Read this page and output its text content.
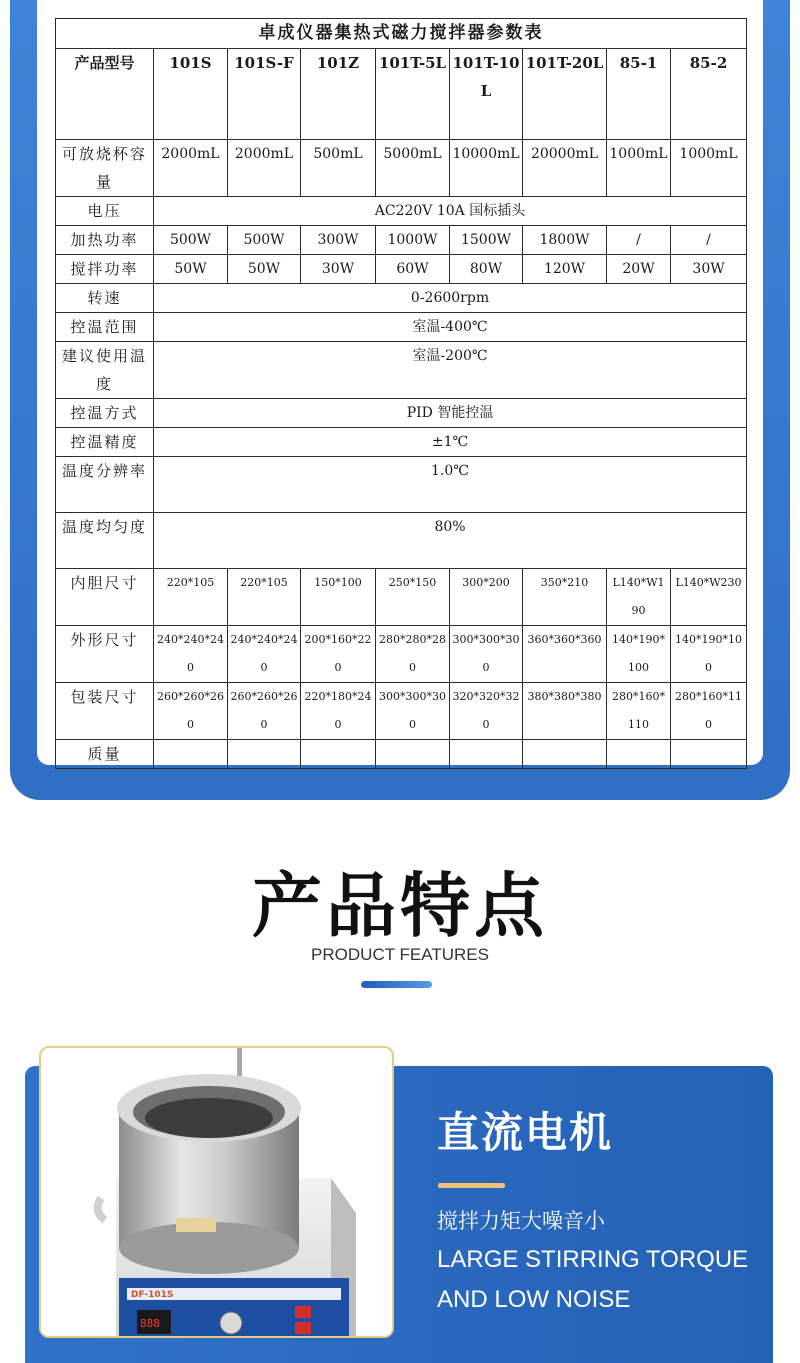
卓成仪器集热式磁力搅拌器参数表								
产品型号	101S	101S-F	101Z	101T-5L	101T-10L	101T-20L	85-1	85-2
可放烧杯容量	2000mL	2000mL	500mL	5000mL	10000mL	20000mL	1000mL	1000mL
电压	AC220V 10A 国标插头							
加热功率	500W	500W	300W	1000W	1500W	1800W	/	/
搅拌功率	50W	50W	30W	60W	80W	120W	20W	30W
转速	0-2600rpm							
控温范围	室温-400℃							
建议使用温度	室温-200℃							
控温方式	PID 智能控温							
控温精度	±1℃							
温度分辨率	1.0℃							
温度均匀度	80%							
内胆尺寸	220*105	220*105	150*100	250*150	300*200	350*210	L140*W190	L140*W230
外形尺寸	240*240*240	240*240*240	200*160*220	280*280*280	300*300*300	360*360*360	140*190*100	140*190*100
包装尺寸	260*260*260	260*260*260	220*180*240	300*300*300	320*320*320	380*380*380	280*160*110	280*160*110
质量								
产品特点
PRODUCT FEATURES
888
DF-101S
直流电机
搅拌力矩大噪音小
LARGE STIRRING TORQUE AND LOW NOISE
